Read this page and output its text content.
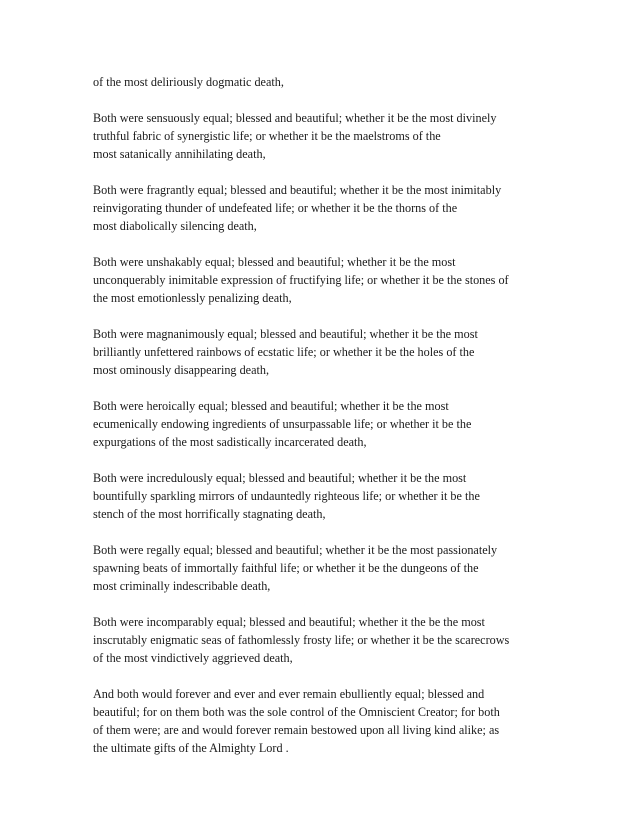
of the most deliriously dogmatic death,

Both were sensuously equal; blessed and beautiful; whether it be the most divinely
truthful fabric of synergistic life; or whether it be the maelstroms of the
most satanically annihilating death,

Both were fragrantly equal; blessed and beautiful; whether it be the most inimitably
reinvigorating thunder of undefeated life; or whether it be the thorns of the
most diabolically silencing death,

Both were unshakably equal; blessed and beautiful; whether it be the most
unconquerably inimitable expression of fructifying life; or whether it be the stones of
the most emotionlessly penalizing death,

Both were magnanimously equal; blessed and beautiful; whether it be the most
brilliantly unfettered rainbows of ecstatic life; or whether it be the holes of the
most ominously disappearing death,

Both were heroically equal; blessed and beautiful; whether it be the most
ecumenically endowing ingredients of unsurpassable life; or whether it be the
expurgations of the most sadistically incarcerated death,

Both were incredulously equal; blessed and beautiful; whether it be the most
bountifully sparkling mirrors of undauntedly righteous life; or whether it be the
stench of the most horrifically stagnating death,

Both were regally equal; blessed and beautiful; whether it be the most passionately
spawning beats of immortally faithful life; or whether it be the dungeons of the
most criminally indescribable death,

Both were incomparably equal; blessed and beautiful; whether it the be the most
inscrutably enigmatic seas of fathomlessly frosty life; or whether it be the scarecrows
of the most vindictively aggrieved death,

And both would forever and ever and ever remain ebulliently equal; blessed and
beautiful; for on them both was the sole control of the Omniscient Creator; for both
of them were; are and would forever remain bestowed upon all living kind alike; as
the ultimate gifts of the Almighty Lord .
